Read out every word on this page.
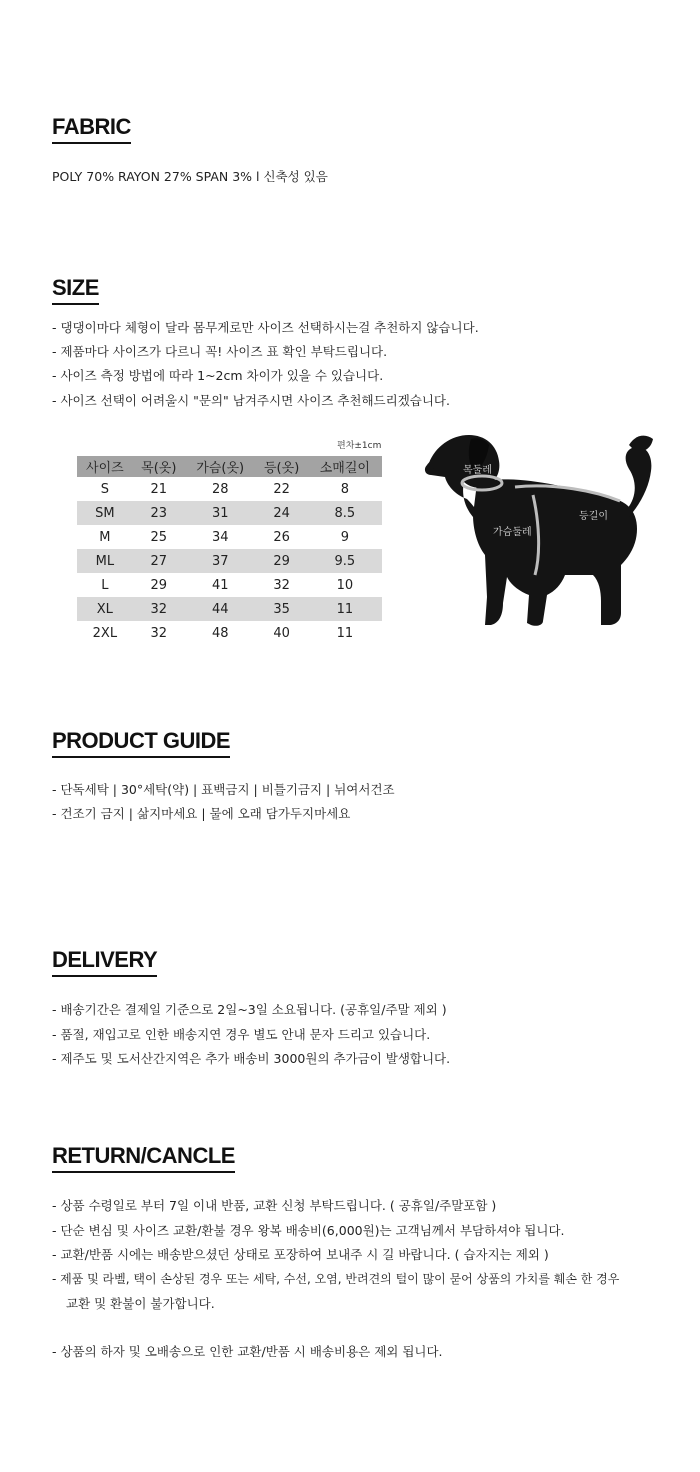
FABRIC
POLY 70% RAYON 27% SPAN 3% l 신축성 있음
SIZE
- 댕댕이마다 체형이 달라 몸무게로만 사이즈 선택하시는걸 추천하지 않습니다.
- 제품마다 사이즈가 다르니 꼭! 사이즈 표 확인 부탁드립니다.
- 사이즈 측정 방법에 따라 1~2cm 차이가 있을 수 있습니다.
- 사이즈 선택이 어려울시 "문의" 남겨주시면 사이즈 추천해드리겠습니다.
편차±1cm
사이즈	목(옷)	가슴(옷)	등(옷)	소매길이
S	21	28	22	8
SM	23	31	24	8.5
M	25	34	26	9
ML	27	37	29	9.5
L	29	41	32	10
XL	32	44	35	11
2XL	32	48	40	11
목둘레
가슴둘레
등길이
PRODUCT GUIDE
- 단독세탁 | 30°세탁(약) | 표백금지 | 비틀기금지 | 뉘여서건조
- 건조기 금지 | 삶지마세요 | 물에 오래 담가두지마세요
DELIVERY
- 배송기간은 결제일 기준으로 2일~3일 소요됩니다. (공휴일/주말 제외 )
- 품절, 재입고로 인한 배송지연 경우 별도 안내 문자 드리고 있습니다.
- 제주도 및 도서산간지역은 추가 배송비 3000원의 추가금이 발생합니다.
RETURN/CANCLE
- 상품 수령일로 부터 7일 이내 반품, 교환 신청 부탁드립니다. ( 공휴일/주말포함 )
- 단순 변심 및 사이즈 교환/환불 경우 왕복 배송비(6,000원)는 고객님께서 부담하셔야 됩니다.
- 교환/반품 시에는 배송받으셨던 상태로 포장하여 보내주 시 길 바랍니다. ( 습자지는 제외 )
- 제품 및 라벨, 택이 손상된 경우 또는 세탁, 수선, 오염, 반려견의 털이 많이 묻어 상품의 가치를 훼손 한 경우
교환 및 환불이 불가합니다.
- 상품의 하자 및 오배송으로 인한 교환/반품 시 배송비용은 제외 됩니다.
